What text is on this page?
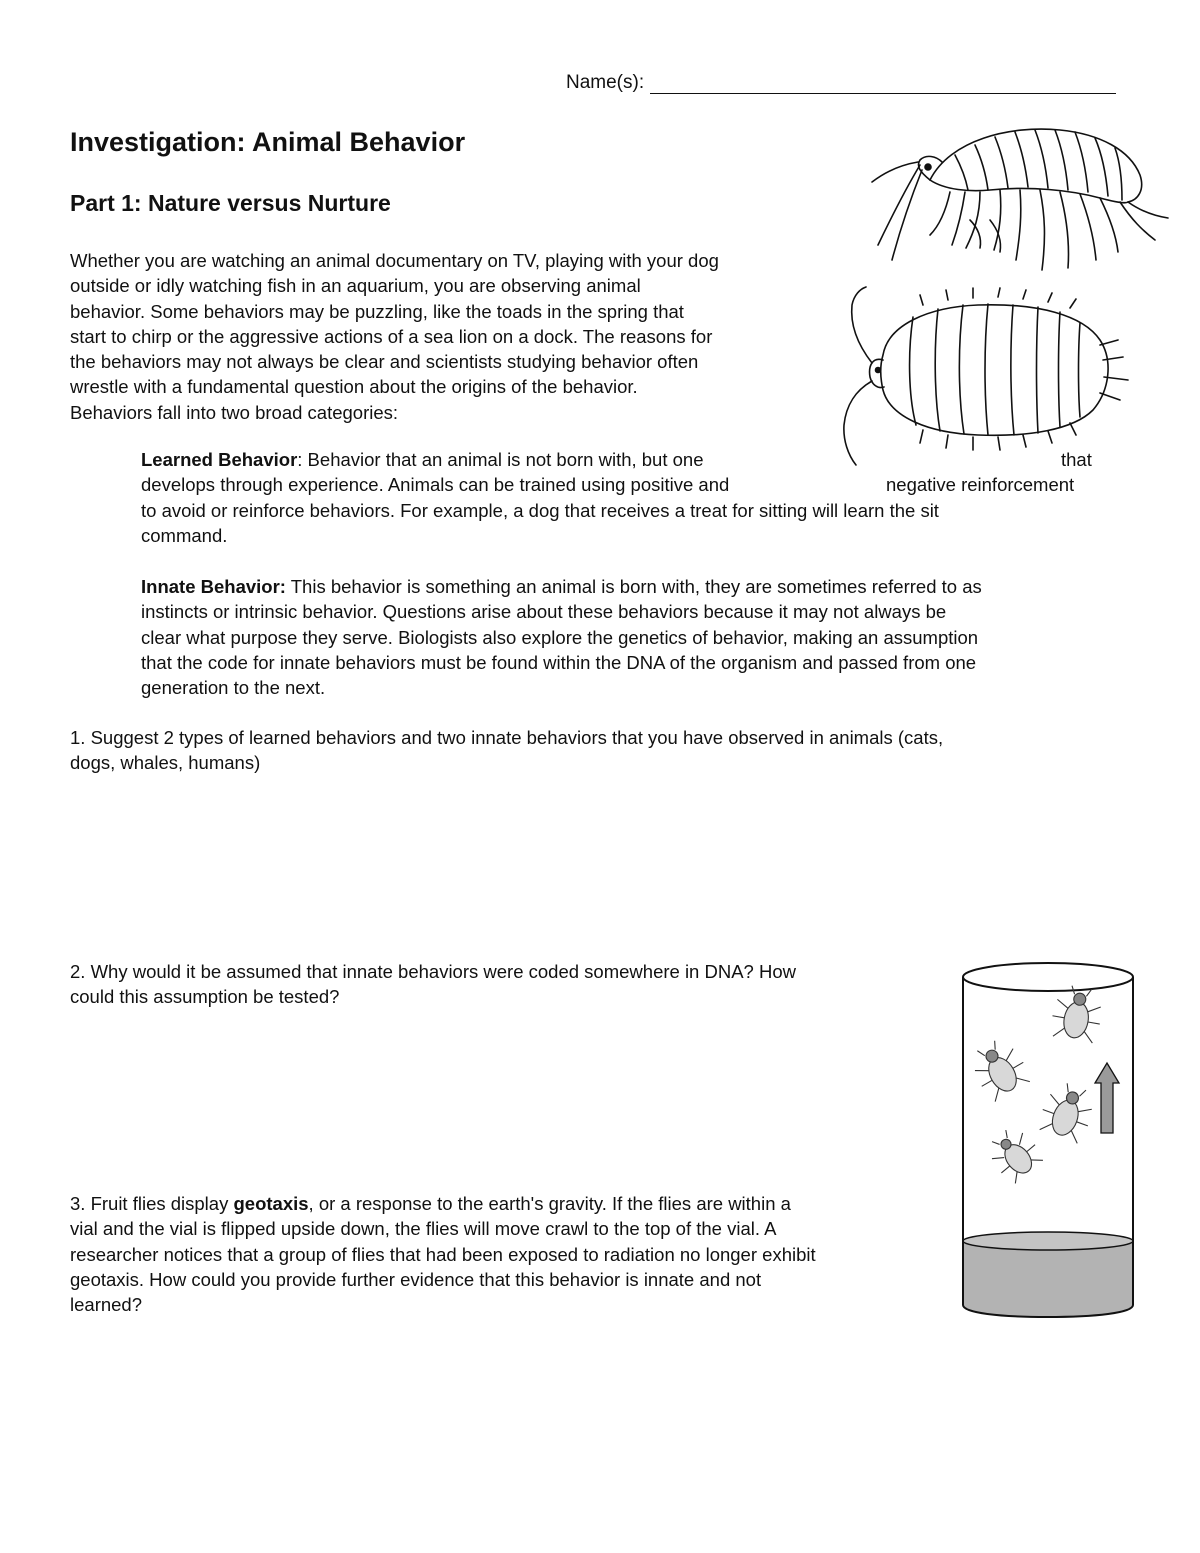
Name(s):
Investigation: Animal Behavior
Part 1: Nature versus Nurture

Whether you are watching an animal documentary on TV, playing with your dog
outside or idly watching fish in an aquarium, you are observing animal
behavior. Some behaviors may be puzzling, like the toads in the spring that
start to chirp or the aggressive actions of a sea lion on a dock. The reasons for
the behaviors may not always be clear and scientists studying behavior often
wrestle with a fundamental question about the origins of the behavior.
Behaviors fall into two broad categories:

Learned Behavior: Behavior that an animal is not born with, but one	that
develops through experience. Animals can be trained using positive and	negative reinforcement
to avoid or reinforce behaviors. For example, a dog that receives a treat for sitting will learn the sit
command.
Innate Behavior: This behavior is something an animal is born with, they are sometimes referred to as
instincts or intrinsic behavior. Questions arise about these behaviors because it may not always be
clear what purpose they serve. Biologists also explore the genetics of behavior, making an assumption
that the code for innate behaviors must be found within the DNA of the organism and passed from one
generation to the next.
1. Suggest 2 types of learned behaviors and two innate behaviors that you have observed in animals (cats,
dogs, whales, humans)
2. Why would it be assumed that innate behaviors were coded somewhere in DNA? How
could this assumption be tested?
3. Fruit flies display geotaxis, or a response to the earth's gravity. If the flies are within a
vial and the vial is flipped upside down, the flies will move crawl to the top of the vial. A
researcher notices that a group of flies that had been exposed to radiation no longer exhibit
geotaxis. How could you provide further evidence that this behavior is innate and not
learned?
